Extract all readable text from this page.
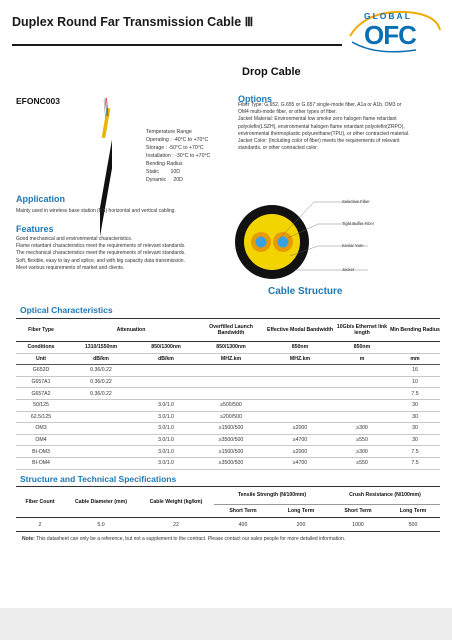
Duplex Round Far Transmission Cable Ⅲ	GLOBAL
OFC
Drop Cable
EFONC003
Temperature Range
Operating : -40°C to +70°C
Storage : -50°C to +70°C
Installation : -30°C to +70°C
Bending Radius
Static        10D
Dynamic     20D
Options
Fiber Type: G.652, G.655 or G.657 single-mode fiber, A1a or A1b, OM3 or
OM4 multi-mode fiber, or other types of fiber.
Jacket Material: Environmental low smoke zero halogen flame retardant
polyolefin(LSZH), environmental halogen flame retardant polyolefin(ZRPO),
environmental thermoplastic polyurethane(TPU), or other contracted material.
Jacket Color: (Including color of fiber) meets the requirements of relevant
standards, or other contracted color.
Application
Mainly used in wireless base station (BS) horizontal and vertical cabling.
Features
Good mechanical and environmental characteristics.
Flame retardant characteristics meet the requirements of relevant standards.
The mechanical characteristics meet the requirements of relevant standards.
Soft, flexible, easy to lay and splice, and with big capacity data transmission.
Meet various requirements of market and clients.
Selective Fiber
Tight Buffer Fiber
Kevlar Yarn
Jacket
Cable Structure
Optical Characteristics
Fiber Type	Attenuation		Overfilled Launch Bandwidth	Effective Modal Bandwidth	10Gb/s Ethernet link length	Min Bending Radius
Conditions	1310/1550nm	850/1300nm	850/1300nm	850nm	850nm	
Unit	dB/km	dB/km	MHZ.km	MHZ.km	m	mm
G652D	0.36/0.22					16
G657A1	0.36/0.22					10
G657A2	0.36/0.22					7.5
50/125		3.0/1.0	≥500/500			30
62.5/125		3.0/1.0	≥200/500			30
OM3		3.0/1.0	≥1500/500	≥2000	≥300	30
OM4		3.0/1.0	≥3500/500	≥4700	≥550	30
BI-OM3		3.0/1.0	≥1500/500	≥2000	≥300	7.5
BI-OM4		3.0/1.0	≥3500/500	≥4700	≥550	7.5
Structure and Technical Specifications
Fiber Count	Cable Diameter (mm)	Cable Weight (kg/km)	Tensile Strength (N/100mm)		Crush Resistance (N/100mm)	
			Short Term	Long Term	Short Term	Long Term
2	5.0	22	400	200	1000	500
Note: This datasheet can only be a reference, but not a supplement to the contract. Please contact our sales people for more detailed information.
